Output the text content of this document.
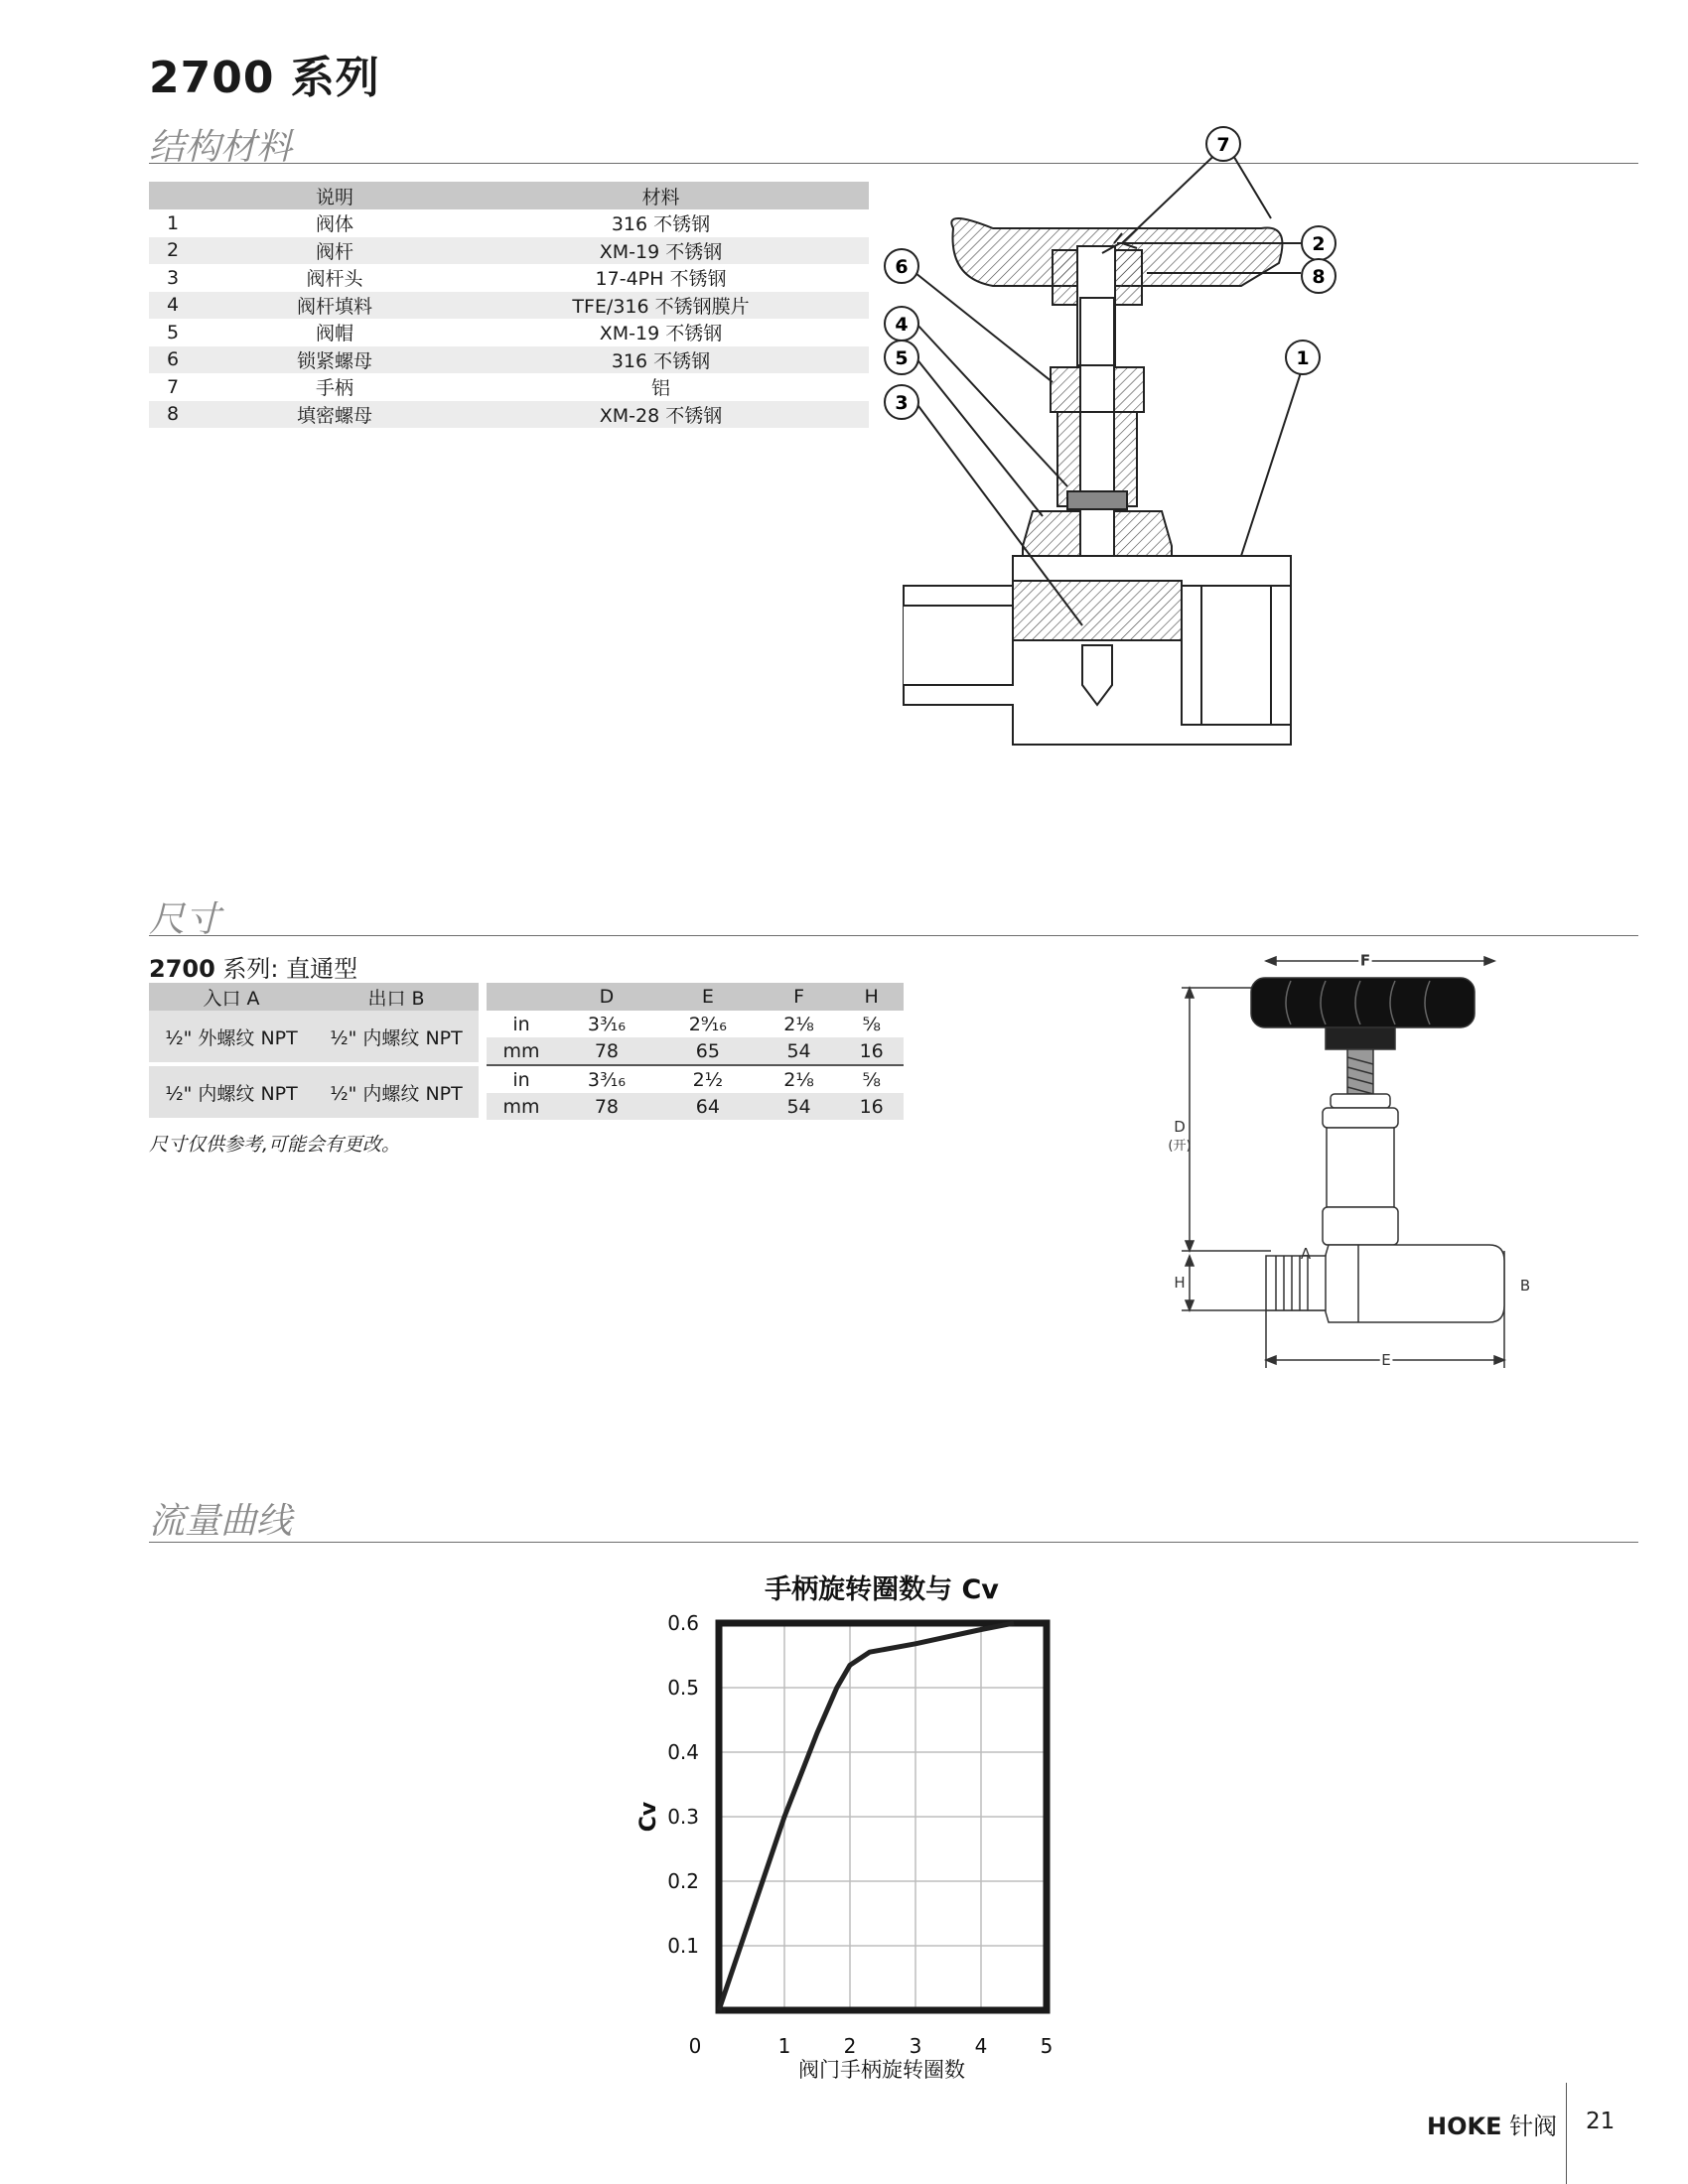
2700 系列
结构材料
	说明	材料
1	阀体	316 不锈钢
2	阀杆	XM-19 不锈钢
3	阀杆头	17-4PH 不锈钢
4	阀杆填料	TFE/316 不锈钢膜片
5	阀帽	XM-19 不锈钢
6	锁紧螺母	316 不锈钢
7	手柄	铝
8	填密螺母	XM-28 不锈钢
7
2
6	8
4
1
5
3
尺寸
2700 系列: 直通型
入口 A	出口 B
½" 外螺纹 NPT	½" 内螺纹 NPT
½" 内螺纹 NPT	½" 内螺纹 NPT
	D	E	F	H
in	3³⁄₁₆	2⁹⁄₁₆	2⅛	⅝
mm	78	65	54	16
in	3³⁄₁₆	2½	2⅛	⅝
mm	78	64	54	16
尺寸仅供参考,可能会有更改。
F
D
(开)
H
A
B
E
流量曲线
手柄旋转圈数与 Cv
0.1
0.2
0.3
0.4
0.5
0.6
1	2	3	4	5
0
阀门手柄旋转圈数
Cv
HOKE 针阀 21
